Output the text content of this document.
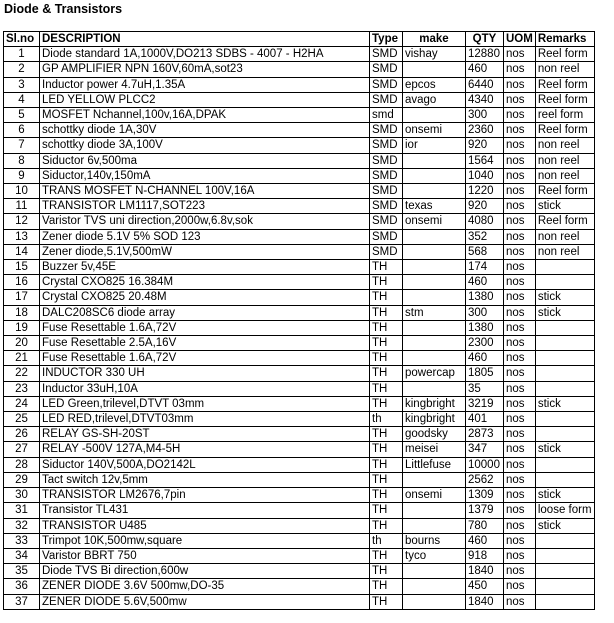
Diode & Transistors
Sl.no	DESCRIPTION	Type	make	QTY	UOM	Remarks
1	Diode standard 1A,1000V,DO213 SDBS - 4007 - H2HA	SMD	vishay	12880	nos	Reel form
2	GP AMPLIFIER NPN 160V,60mA,sot23	SMD		460	nos	non reel
3	Inductor power 4.7uH,1.35A	SMD	epcos	6440	nos	Reel form
4	LED YELLOW PLCC2	SMD	avago	4340	nos	Reel form
5	MOSFET Nchannel,100v,16A,DPAK	smd		300	nos	reel form
6	schottky diode 1A,30V	SMD	onsemi	2360	nos	Reel form
7	schottky diode 3A,100V	SMD	ior	920	nos	non reel
8	Siductor 6v,500ma	SMD		1564	nos	non reel
9	Siductor,140v,150mA	SMD		1040	nos	non reel
10	TRANS MOSFET N-CHANNEL 100V,16A	SMD		1220	nos	Reel form
11	TRANSISTOR LM1117,SOT223	SMD	texas	920	nos	stick
12	Varistor TVS uni direction,2000w,6.8v,sok	SMD	onsemi	4080	nos	Reel form
13	Zener diode 5.1V 5% SOD 123	SMD		352	nos	non reel
14	Zener diode,5.1V,500mW	SMD		568	nos	non reel
15	Buzzer 5v,45E	TH		174	nos	
16	Crystal CXO825 16.384M	TH		460	nos	
17	Crystal CXO825 20.48M	TH		1380	nos	stick
18	DALC208SC6 diode array	TH	stm	300	nos	stick
19	Fuse Resettable 1.6A,72V	TH		1380	nos	
20	Fuse Resettable 2.5A,16V	TH		2300	nos	
21	Fuse Resettable 1.6A,72V	TH		460	nos	
22	INDUCTOR 330 UH	TH	powercap	1805	nos	
23	Inductor 33uH,10A	TH		35	nos	
24	LED Green,trilevel,DTVT 03mm	TH	kingbright	3219	nos	stick
25	LED RED,trilevel,DTVT03mm	th	kingbright	401	nos	
26	RELAY GS-SH-20ST	TH	goodsky	2873	nos	
27	RELAY -500V 127A,M4-5H	TH	meisei	347	nos	stick
28	Siductor 140V,500A,DO2142L	TH	Littlefuse	10000	nos	
29	Tact switch 12v,5mm	TH		2562	nos	
30	TRANSISTOR LM2676,7pin	TH	onsemi	1309	nos	stick
31	Transistor TL431	TH		1379	nos	loose form
32	TRANSISTOR U485	TH		780	nos	stick
33	Trimpot 10K,500mw,square	th	bourns	460	nos	
34	Varistor BBRT 750	TH	tyco	918	nos	
35	Diode TVS Bi direction,600w	TH		1840	nos	
36	ZENER DIODE 3.6V 500mw,DO-35	TH		450	nos	
37	ZENER DIODE 5.6V,500mw	TH		1840	nos	
